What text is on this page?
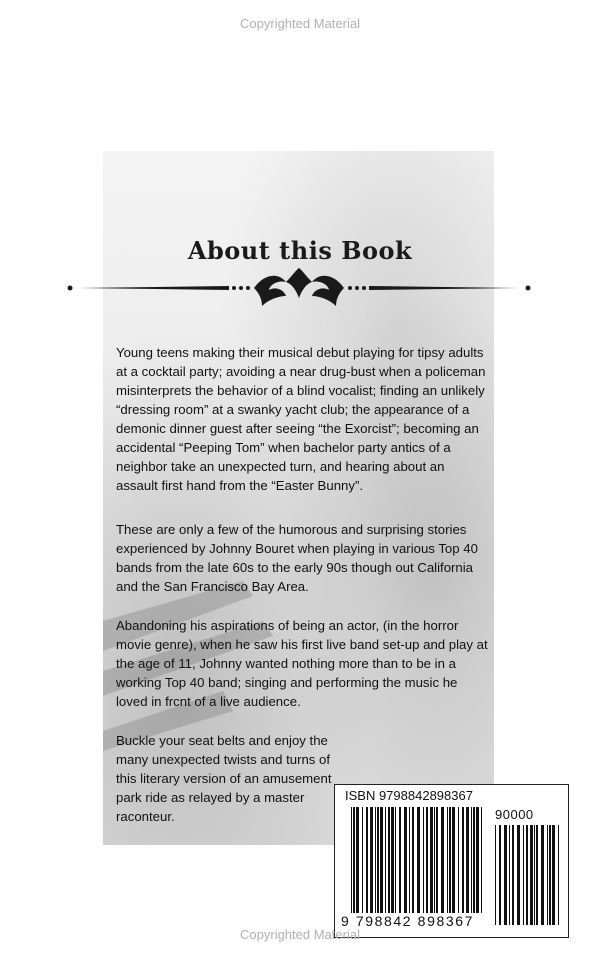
Copyrighted Material
About this Book

Young teens making their musical debut playing for tipsy adults at a cocktail party; avoiding a near drug-bust when a policeman misinterprets the behavior of a blind vocalist; finding an unlikely “dressing room” at a swanky yacht club; the appearance of a demonic dinner guest after seeing “the Exorcist”; becoming an accidental “Peeping Tom” when bachelor party antics of a neighbor take an unexpected turn, and hearing about an assault first hand from the “Easter Bunny”.

These are only a few of the humorous and surprising stories experienced by Johnny Bouret when playing in various Top 40 bands from the late 60s to the early 90s though out California and the San Francisco Bay Area.

Abandoning his aspirations of being an actor, (in the horror movie genre), when he saw his first live band set-up and play at the age of 11, Johnny wanted nothing more than to be in a working Top 40 band; singing and performing the music he loved in frcnt of a live audience.

Buckle your seat belts and enjoy the many unexpected twists and turns of this literary version of an amusement park ride as relayed by a master raconteur.

ISBN 9798842898367
90000
9 798842 898367
Copyrighted Material
